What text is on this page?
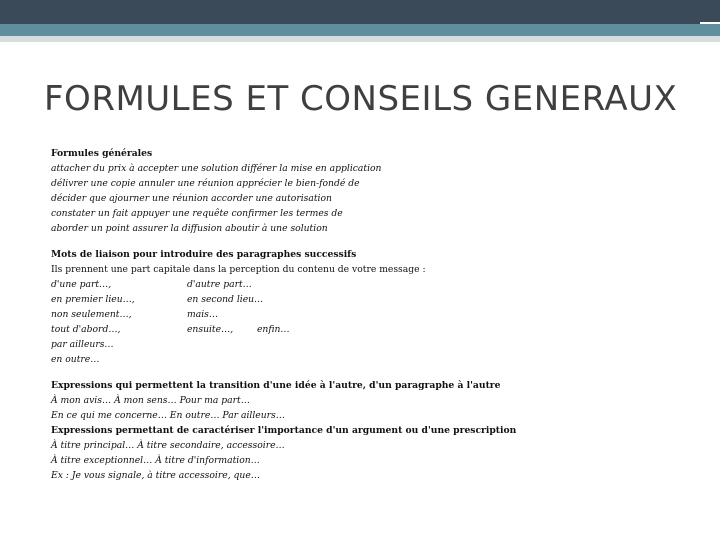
FORMULES ET CONSEILS GENERAUX
Formules générales
attacher du prix à accepter une solution différer la mise en application
délivrer une copie annuler une réunion apprécier le bien-fondé de
décider que ajourner une réunion accorder une autorisation
constater un fait appuyer une requête confirmer les termes de
aborder un point assurer la diffusion aboutir à une solution
Mots de liaison pour introduire des paragraphes successifs
Ils prennent une part capitale dans la perception du contenu de votre message :
d'une part…,	d'autre part…
en premier lieu…,	en second lieu…
non seulement…,	mais…
tout d'abord…,	ensuite…,	enfin…
par ailleurs…
en outre…
Expressions qui permettent la transition d'une idée à l'autre, d'un paragraphe à l'autre
À mon avis… À mon sens… Pour ma part…
En ce qui me concerne… En outre… Par ailleurs…
Expressions permettant de caractériser l'importance d'un argument ou d'une prescription
À titre principal… À titre secondaire, accessoire…
À titre exceptionnel… À titre d'information…
Ex : Je vous signale, à titre accessoire, que…
